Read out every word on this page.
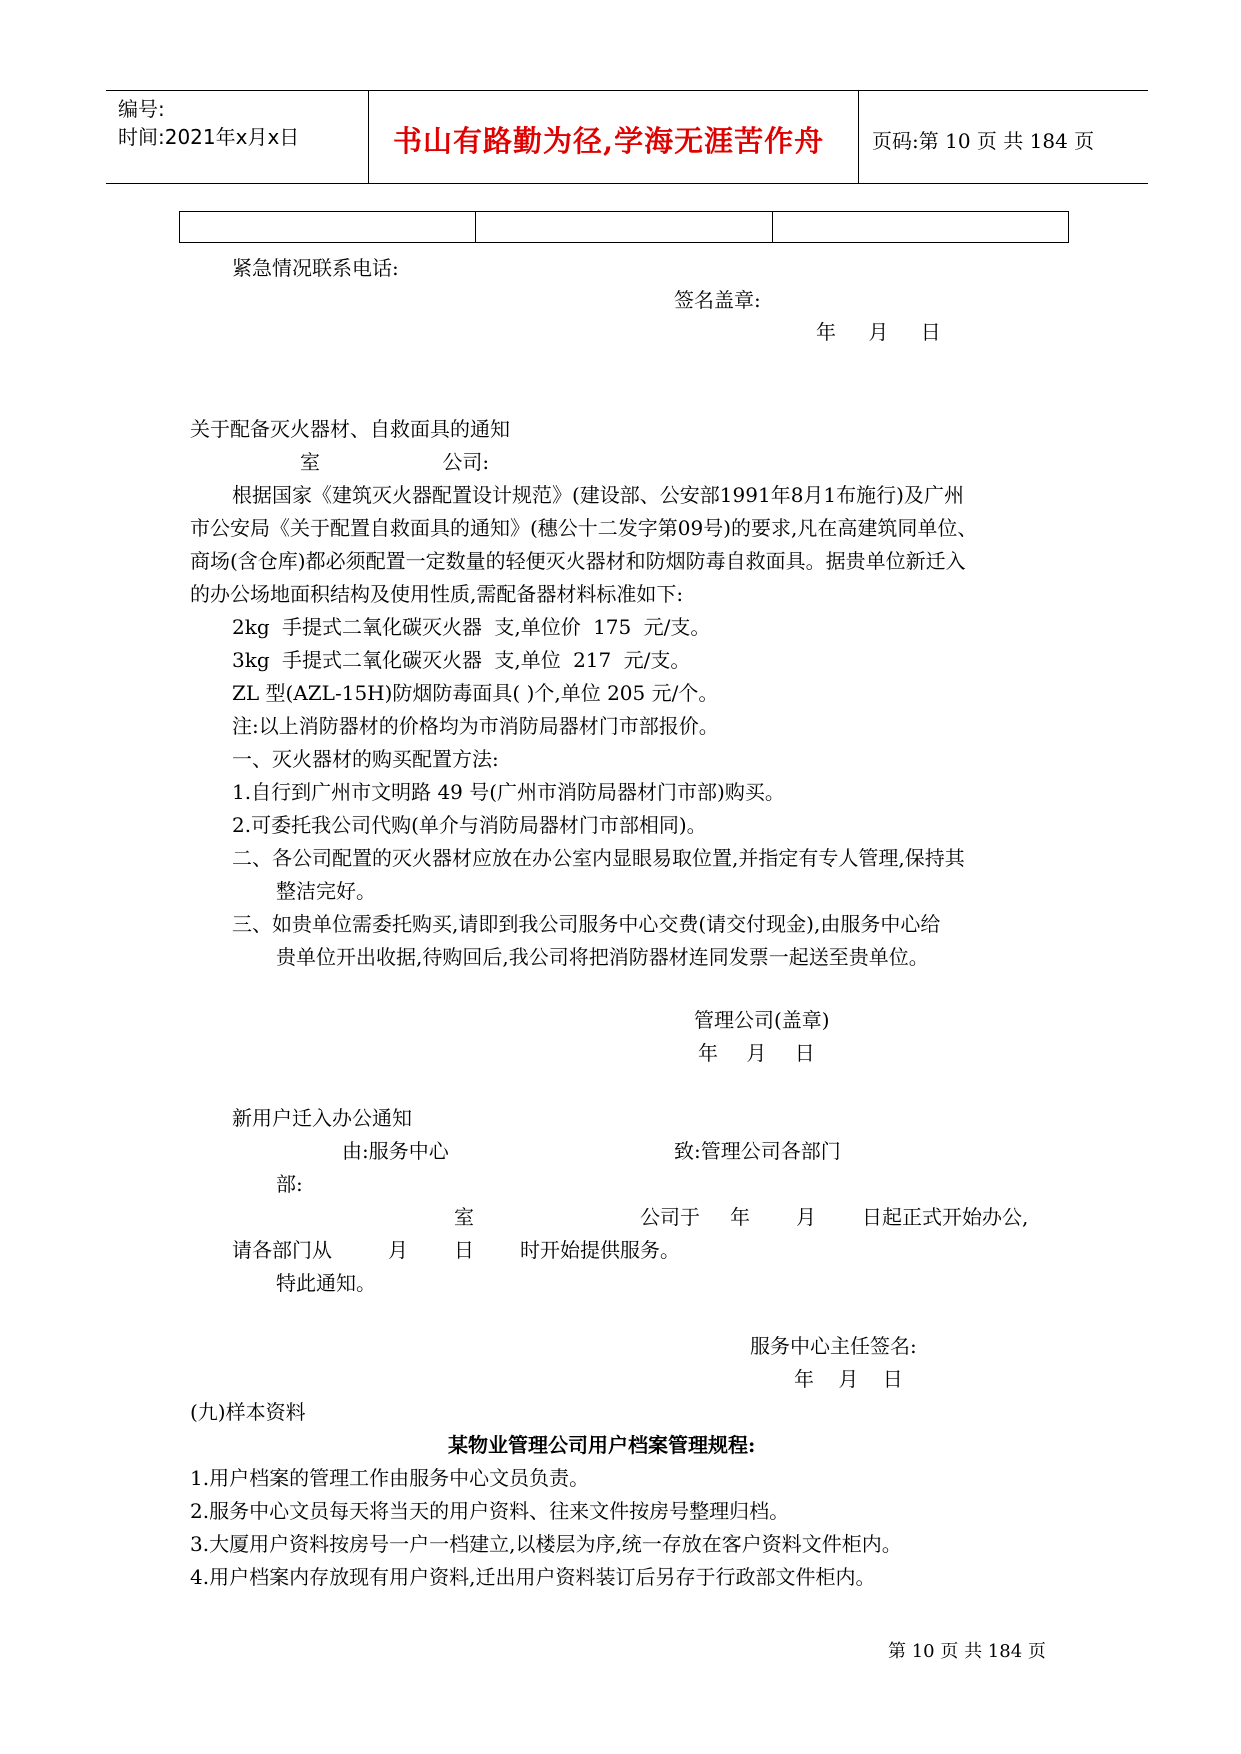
编号:
时间:2021年x月x日	书山有路勤为径,学海无涯苦作舟 页码:第 10 页 共 184 页
紧急情况联系电话:
签名盖章:
年 月 日
关于配备灭火器材、自救面具的通知
室 公司:
根据国家《建筑灭火器配置设计规范》(建设部、公安部1991年8月1布施行)及广州
市公安局《关于配置自救面具的通知》(穗公十二发字第09号)的要求,凡在高建筑同单位、
商场(含仓库)都必须配置一定数量的轻便灭火器材和防烟防毒自救面具。据贵单位新迁入
的办公场地面积结构及使用性质,需配备器材料标准如下:
2kg 手提式二氧化碳灭火器 支,单位价 175 元/支。
3kg 手提式二氧化碳灭火器 支,单位 217 元/支。
ZL 型(AZL-15H)防烟防毒面具( )个,单位 205 元/个。
注:以上消防器材的价格均为市消防局器材门市部报价。
一、灭火器材的购买配置方法:
1.自行到广州市文明路 49 号(广州市消防局器材门市部)购买。
2.可委托我公司代购(单介与消防局器材门市部相同)。
二、各公司配置的灭火器材应放在办公室内显眼易取位置,并指定有专人管理,保持其
整洁完好。
三、如贵单位需委托购买,请即到我公司服务中心交费(请交付现金),由服务中心给
贵单位开出收据,待购回后,我公司将把消防器材连同发票一起送至贵单位。
管理公司(盖章)
年 月 日
新用户迁入办公通知
由:服务中心	致:管理公司各部门
部:
室	公司于 年 月 日起正式开始办公,
请各部门从	月 日 时开始提供服务。
特此通知。
服务中心主任签名:
年 月 日
(九)样本资料
某物业管理公司用户档案管理规程:
1.用户档案的管理工作由服务中心文员负责。
2.服务中心文员每天将当天的用户资料、往来文件按房号整理归档。
3.大厦用户资料按房号一户一档建立,以楼层为序,统一存放在客户资料文件柜内。
4.用户档案内存放现有用户资料,迁出用户资料装订后另存于行政部文件柜内。
第 10 页 共 184 页
